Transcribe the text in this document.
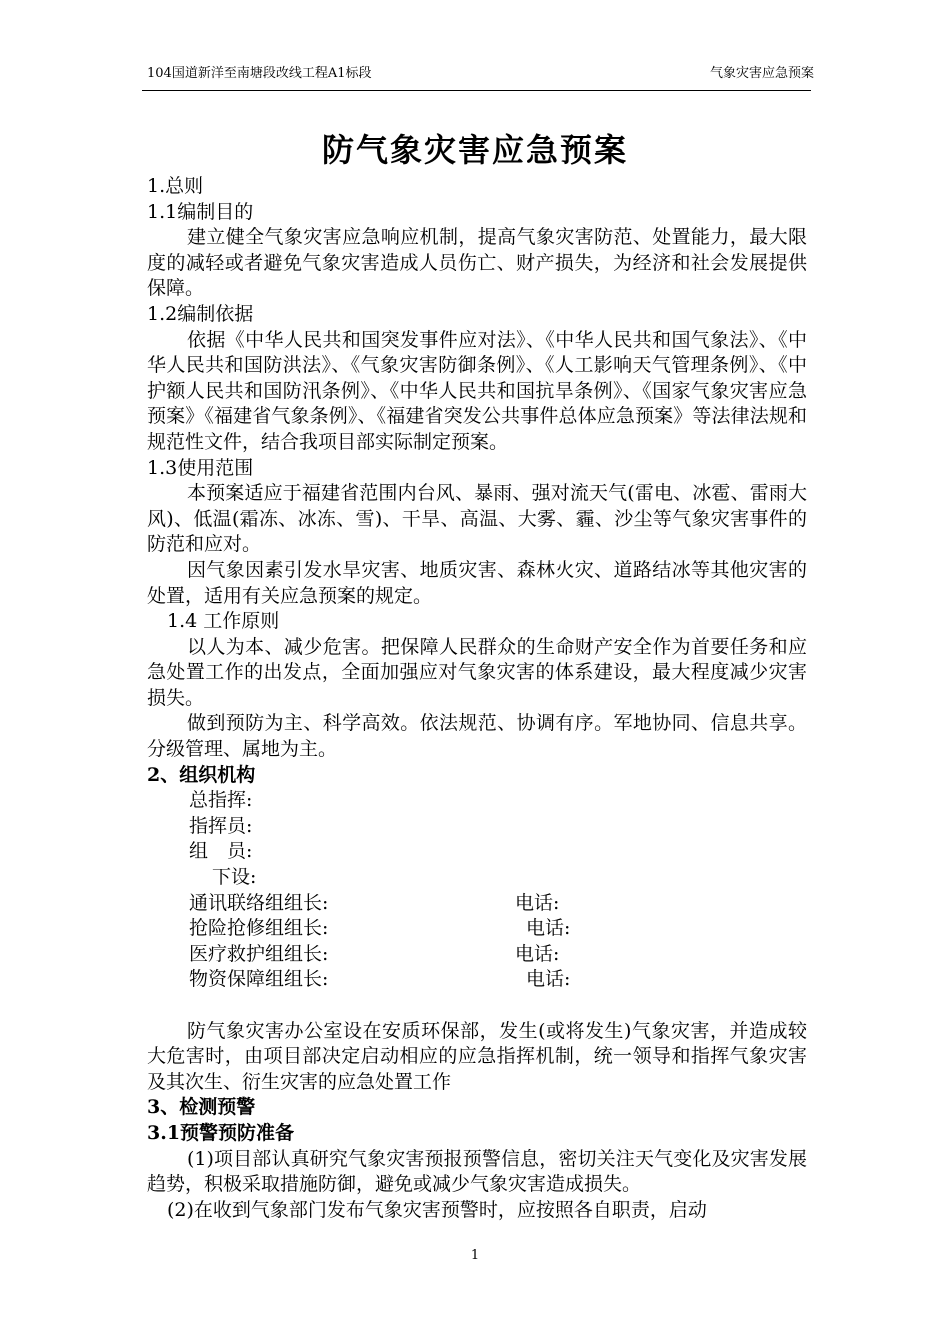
104国道新洋至南塘段改线工程A1标段	气象灾害应急预案
防气象灾害应急预案

1.总则

1.1编制目的

建立健全气象灾害应急响应机制，提高气象灾害防范、处置能力，最大限度的减轻或者避免气象灾害造成人员伤亡、财产损失，为经济和社会发展提供保障。

1.2编制依据

依据《中华人民共和国突发事件应对法》、《中华人民共和国气象法》、《中华人民共和国防洪法》、《气象灾害防御条例》、《人工影响天气管理条例》、《中护额人民共和国防汛条例》、《中华人民共和国抗旱条例》、《国家气象灾害应急预案》《福建省气象条例》、《福建省突发公共事件总体应急预案》等法律法规和规范性文件，结合我项目部实际制定预案。

1.3使用范围

本预案适应于福建省范围内台风、暴雨、强对流天气(雷电、冰雹、雷雨大风)、低温(霜冻、冰冻、雪)、干旱、高温、大雾、霾、沙尘等气象灾害事件的防范和应对。

因气象因素引发水旱灾害、地质灾害、森林火灾、道路结冰等其他灾害的处置，适用有关应急预案的规定。

1.4 工作原则

以人为本、减少危害。把保障人民群众的生命财产安全作为首要任务和应急处置工作的出发点，全面加强应对气象灾害的体系建设，最大程度减少灾害损失。

做到预防为主、科学高效。依法规范、协调有序。军地协同、信息共享。分级管理、属地为主。

2、组织机构

总指挥:

指挥员:

组　员:

下设:

通讯联络组组长:	电话:

抢险抢修组组长:	电话:

医疗救护组组长:	电话:

物资保障组组长:	电话:

防气象灾害办公室设在安质环保部，发生(或将发生)气象灾害，并造成较大危害时，由项目部决定启动相应的应急指挥机制，统一领导和指挥气象灾害及其次生、衍生灾害的应急处置工作

3、检测预警

3.1预警预防准备

(1)项目部认真研究气象灾害预报预警信息，密切关注天气变化及灾害发展趋势，积极采取措施防御，避免或减少气象灾害造成损失。

(2)在收到气象部门发布气象灾害预警时，应按照各自职责，启动

1
